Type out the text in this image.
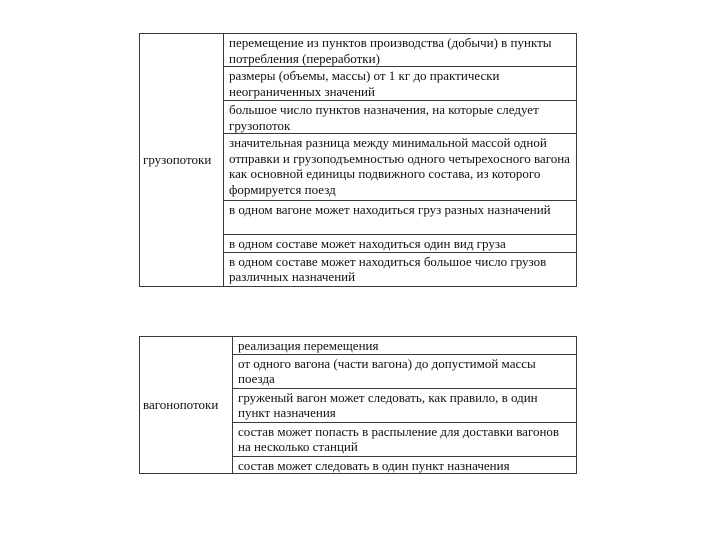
грузопотоки	перемещение из пунктов производства (добычи) в пункты потребления (переработки)
размеры (объемы, массы) от 1 кг до практически неограниченных значений
большое число пунктов назначения, на которые следует грузопоток
значительная разница между минимальной массой одной отправки и грузоподъемностью одного четырехосного вагона как основной единицы подвижного состава, из которого формируется поезд
в одном вагоне может находиться груз разных назначений
в одном составе может находиться один вид груза
в одном составе может находиться большое число грузов различных назначений
вагонопотоки	реализация перемещения
от одного вагона (части вагона) до допустимой массы поезда
груженый вагон может следовать, как правило, в один пункт назначения
состав может попасть в распыление для доставки вагонов на несколько станций
состав может следовать в один пункт назначения
